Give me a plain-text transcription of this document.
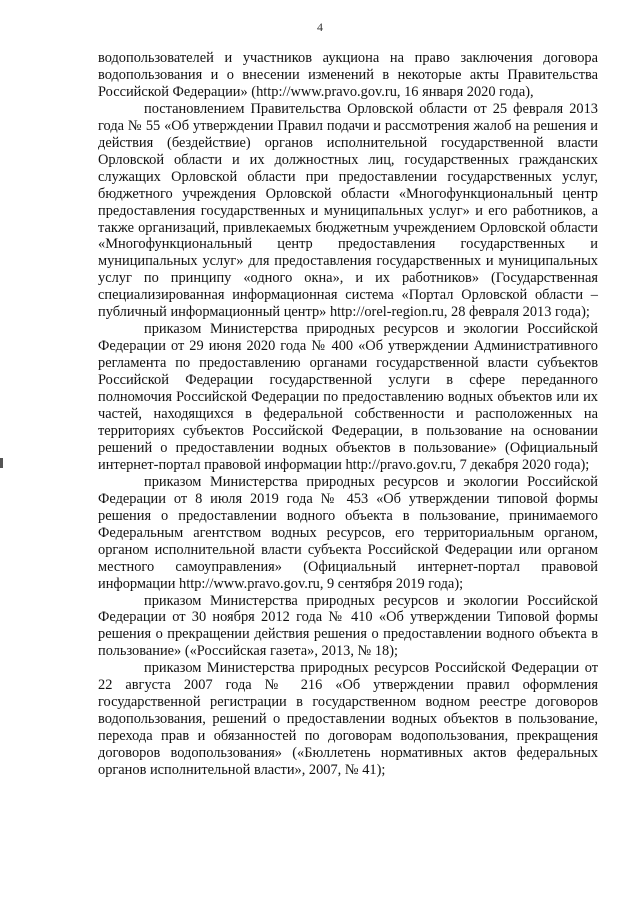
4

водопользователей и участников аукциона на право заключения договора водопользования и о внесении изменений в некоторые акты Правительства Российской Федерации» (http://www.pravo.gov.ru, 16 января 2020 года),

постановлением Правительства Орловской области от 25 февраля 2013 года № 55 «Об утверждении Правил подачи и рассмотрения жалоб на решения и действия (бездействие) органов исполнительной государственной власти Орловской области и их должностных лиц, государственных гражданских служащих Орловской области при предоставлении государственных услуг, бюджетного учреждения Орловской области «Многофункциональный центр предоставления государственных и муниципальных услуг» и его работников, а также организаций, привлекаемых бюджетным учреждением Орловской области «Многофункциональный центр предоставления государственных и муниципальных услуг» для предоставления государственных и муниципальных услуг по принципу «одного окна», и их работников» (Государственная специализированная информационная система «Портал Орловской области – публичный информационный центр» http://orel-region.ru, 28 февраля 2013 года);

приказом Министерства природных ресурсов и экологии Российской Федерации от 29 июня 2020 года № 400 «Об утверждении Административного регламента по предоставлению органами государственной власти субъектов Российской Федерации государственной услуги в сфере переданного полномочия Российской Федерации по предоставлению водных объектов или их частей, находящихся в федеральной собственности и расположенных на территориях субъектов Российской Федерации, в пользование на основании решений о предоставлении водных объектов в пользование» (Официальный интернет-портал правовой информации http://pravo.gov.ru, 7 декабря 2020 года);

приказом Министерства природных ресурсов и экологии Российской Федерации от 8 июля 2019 года № 453 «Об утверждении типовой формы решения о предоставлении водного объекта в пользование, принимаемого Федеральным агентством водных ресурсов, его территориальным органом, органом исполнительной власти субъекта Российской Федерации или органом местного самоуправления» (Официальный интернет-портал правовой информации http://www.pravo.gov.ru, 9 сентября 2019 года);

приказом Министерства природных ресурсов и экологии Российской Федерации от 30 ноября 2012 года № 410 «Об утверждении Типовой формы решения о прекращении действия решения о предоставлении водного объекта в пользование» («Российская газета», 2013, № 18);

приказом Министерства природных ресурсов Российской Федерации от 22 августа 2007 года № 216 «Об утверждении правил оформления государственной регистрации в государственном водном реестре договоров водопользования, решений о предоставлении водных объектов в пользование, перехода прав и обязанностей по договорам водопользования, прекращения договоров водопользования» («Бюллетень нормативных актов федеральных органов исполнительной власти», 2007, № 41);
